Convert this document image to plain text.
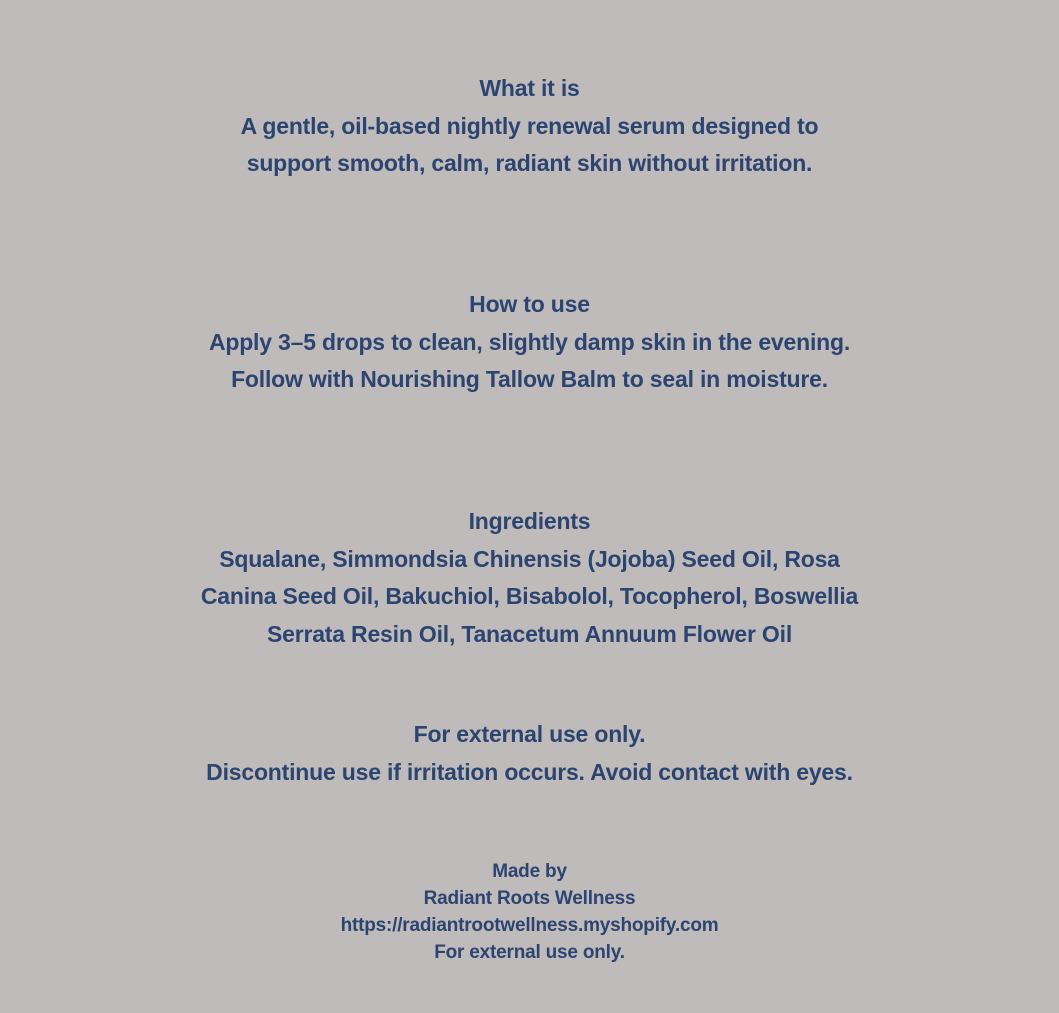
What it is
A gentle, oil-based nightly renewal serum designed to
support smooth, calm, radiant skin without irritation.
How to use
Apply 3–5 drops to clean, slightly damp skin in the evening.
Follow with Nourishing Tallow Balm to seal in moisture.
Ingredients
Squalane, Simmondsia Chinensis (Jojoba) Seed Oil, Rosa
Canina Seed Oil, Bakuchiol, Bisabolol, Tocopherol, Boswellia
Serrata Resin Oil, Tanacetum Annuum Flower Oil
For external use only.
Discontinue use if irritation occurs. Avoid contact with eyes.
Made by
Radiant Roots Wellness
https://radiantrootwellness.myshopify.com
For external use only.
